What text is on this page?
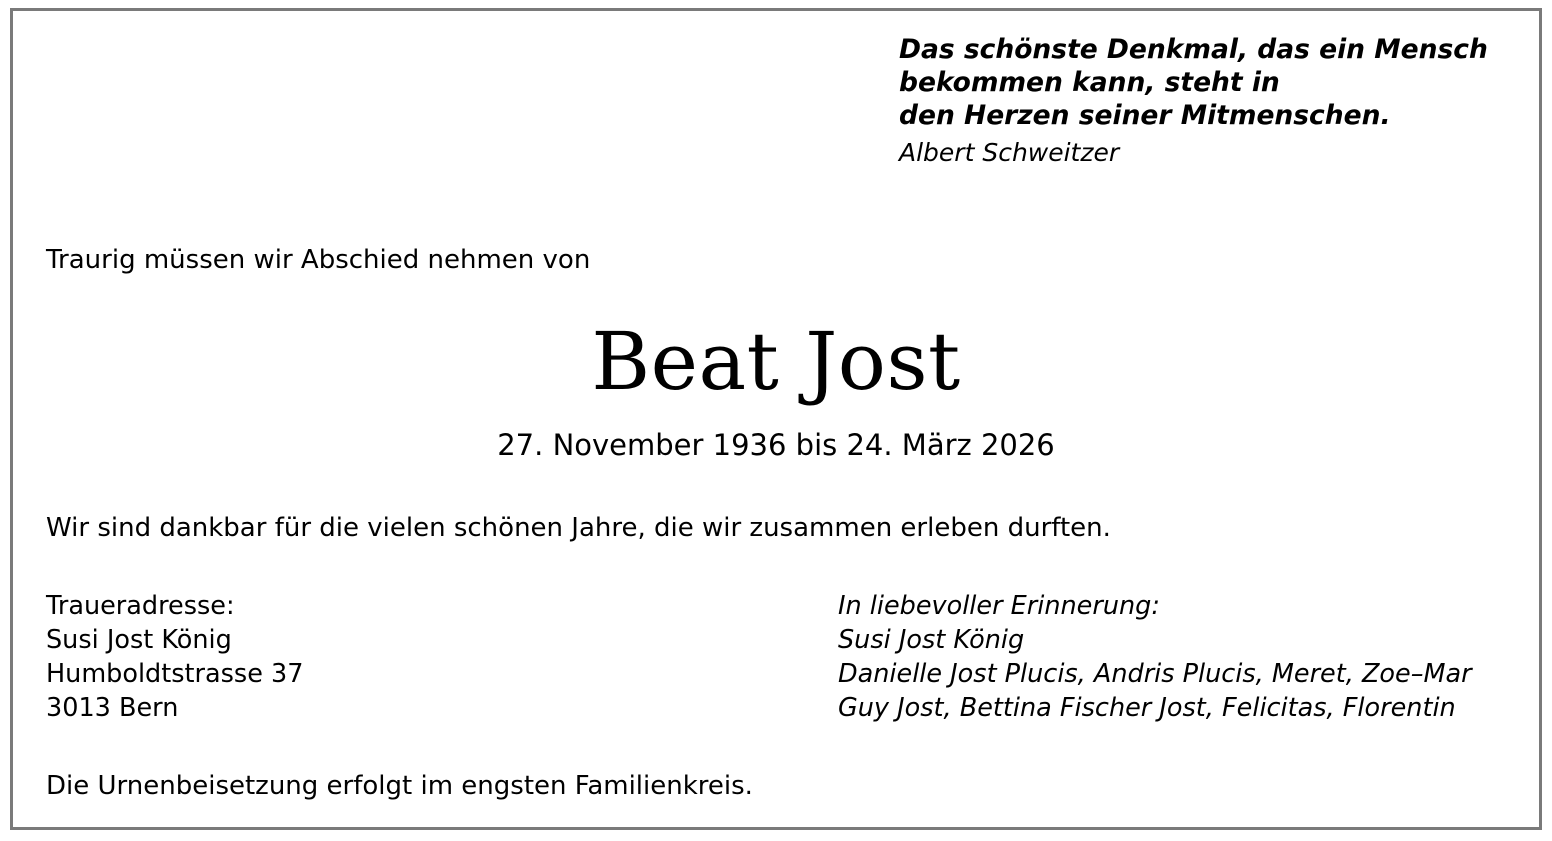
Das schönste Denkmal, das ein Mensch
bekommen kann, steht in
den Herzen seiner Mitmenschen.
Albert Schweitzer
Traurig müssen wir Abschied nehmen von
Beat Jost
27. November 1936 bis 24. März 2026
Wir sind dankbar für die vielen schönen Jahre, die wir zusammen erleben durften.
Traueradresse:
Susi Jost König
Humboldtstrasse 37
3013 Bern
In liebevoller Erinnerung:
Susi Jost König
Danielle Jost Plucis, Andris Plucis, Meret, Zoe–Mar
Guy Jost, Bettina Fischer Jost, Felicitas, Florentin
Die Urnenbeisetzung erfolgt im engsten Familienkreis.
